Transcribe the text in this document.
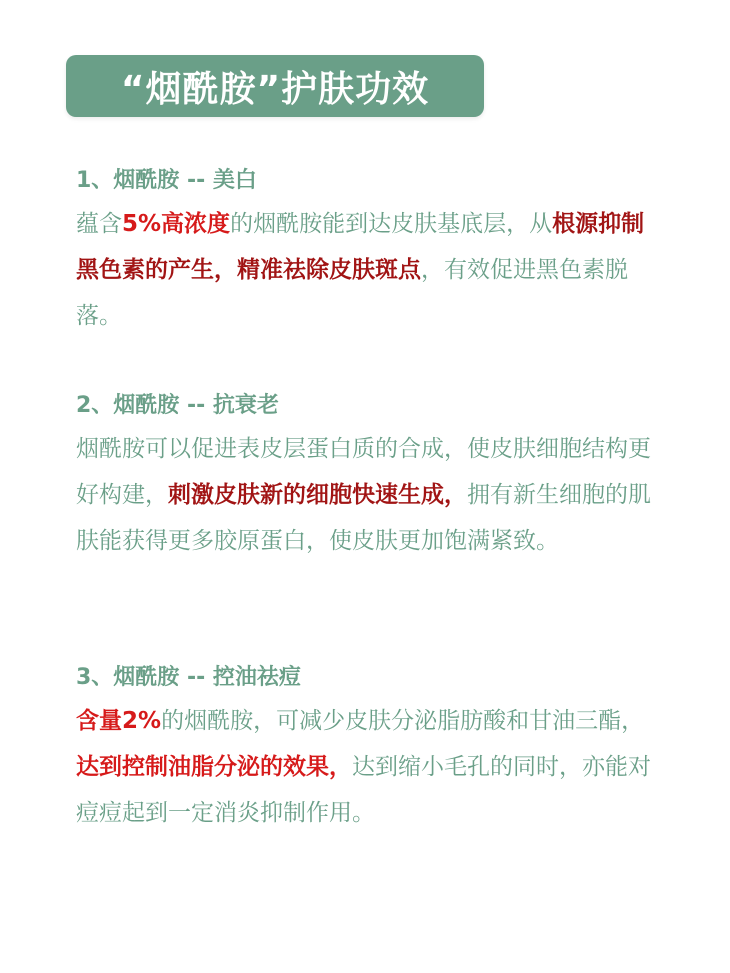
“烟酰胺”护肤功效
1、烟酰胺 -- 美白
蕴含5%高浓度的烟酰胺能到达皮肤基底层，从根源抑制黑色素的产生，精准祛除皮肤斑点，有效促进黑色素脱落。
2、烟酰胺 -- 抗衰老
烟酰胺可以促进表皮层蛋白质的合成，使皮肤细胞结构更好构建，刺激皮肤新的细胞快速生成，拥有新生细胞的肌肤能获得更多胶原蛋白，使皮肤更加饱满紧致。
3、烟酰胺 -- 控油祛痘
含量2%的烟酰胺，可减少皮肤分泌脂肪酸和甘油三酯，达到控制油脂分泌的效果，达到缩小毛孔的同时，亦能对痘痘起到一定消炎抑制作用。
